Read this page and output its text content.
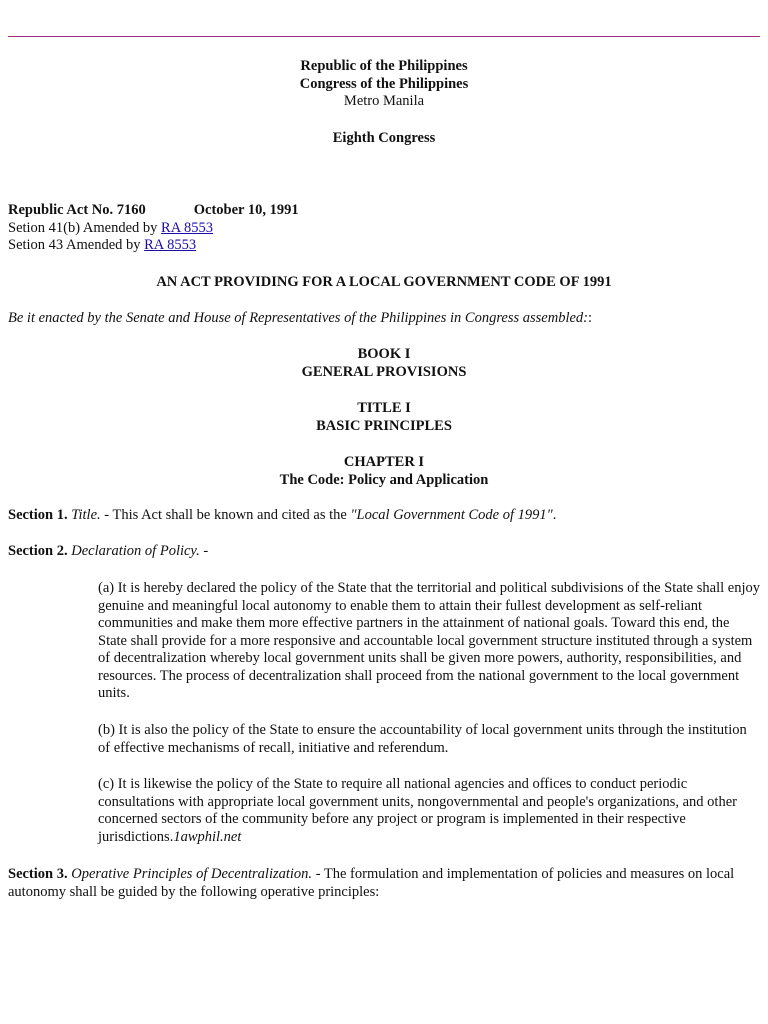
Republic of the Philippines
Congress of the Philippines
Metro Manila
Eighth Congress
Republic Act No. 7160	October 10, 1991
Setion 41(b) Amended by RA 8553
Setion 43 Amended by RA 8553
AN ACT PROVIDING FOR A LOCAL GOVERNMENT CODE OF 1991
Be it enacted by the Senate and House of Representatives of the Philippines in Congress assembled::
BOOK I
GENERAL PROVISIONS
TITLE I
BASIC PRINCIPLES
CHAPTER I
The Code: Policy and Application
Section 1. Title. - This Act shall be known and cited as the "Local Government Code of 1991".
Section 2. Declaration of Policy. -
(a) It is hereby declared the policy of the State that the territorial and political subdivisions of the State shall enjoy genuine and meaningful local autonomy to enable them to attain their fullest development as self-reliant communities and make them more effective partners in the attainment of national goals. Toward this end, the State shall provide for a more responsive and accountable local government structure instituted through a system of decentralization whereby local government units shall be given more powers, authority, responsibilities, and resources. The process of decentralization shall proceed from the national government to the local government units.
(b) It is also the policy of the State to ensure the accountability of local government units through the institution of effective mechanisms of recall, initiative and referendum.
(c) It is likewise the policy of the State to require all national agencies and offices to conduct periodic consultations with appropriate local government units, nongovernmental and people's organizations, and other concerned sectors of the community before any project or program is implemented in their respective jurisdictions.1awphil.net
Section 3. Operative Principles of Decentralization. - The formulation and implementation of policies and measures on local autonomy shall be guided by the following operative principles:
